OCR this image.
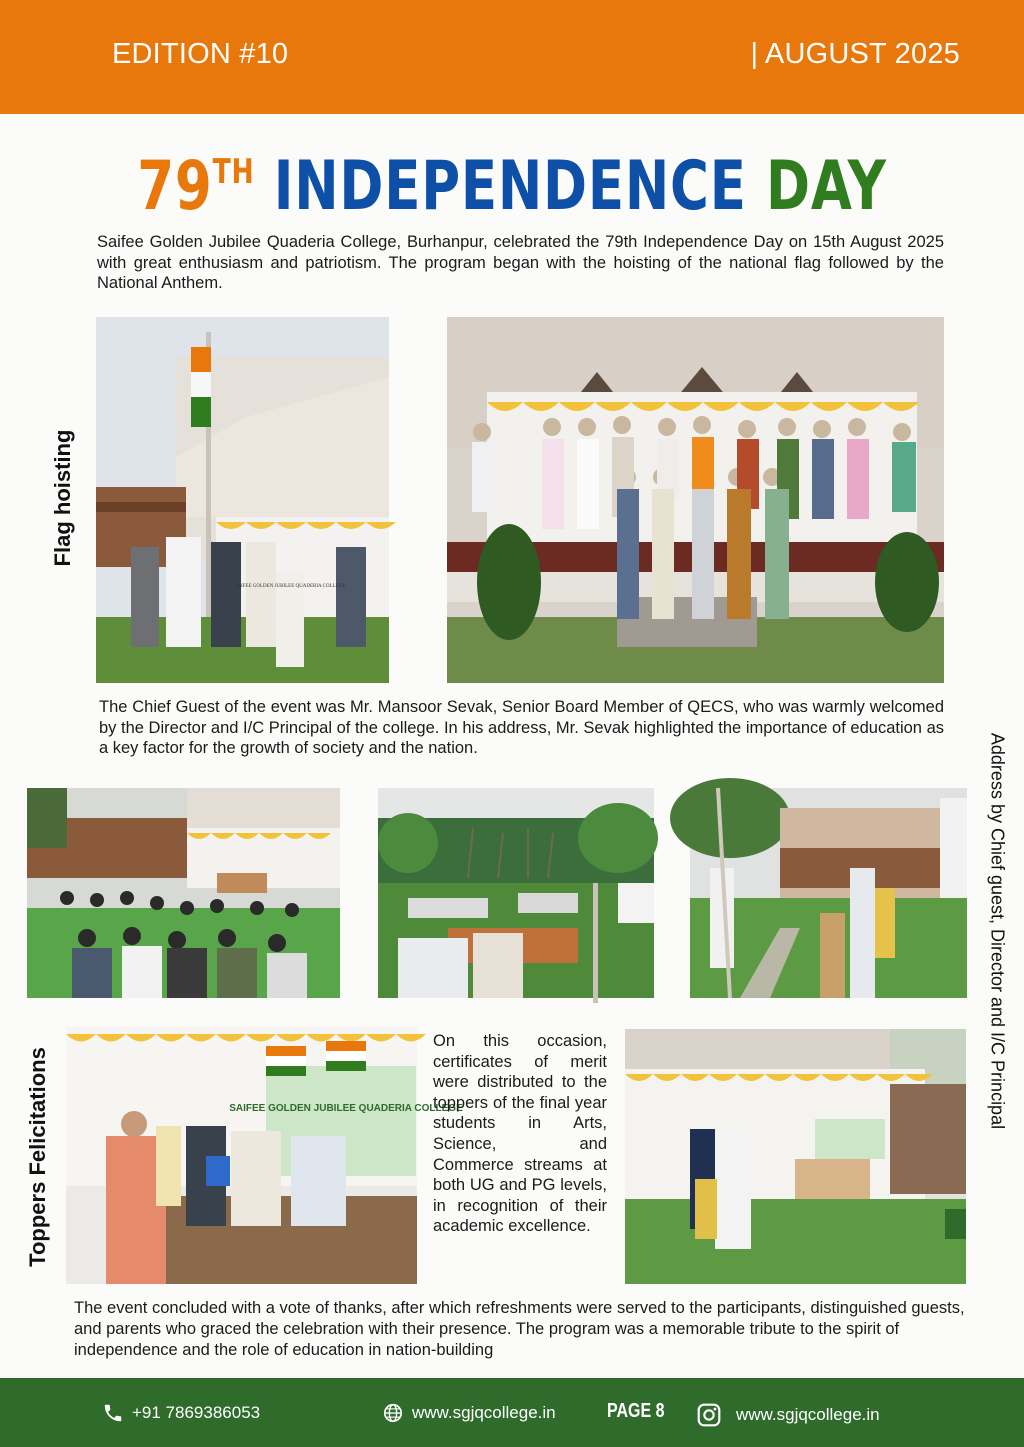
EDITION #10	| AUGUST 2025
79TH INDEPENDENCE DAY
Saifee Golden Jubilee Quaderia College, Burhanpur, celebrated the 79th Independence Day on 15th August 2025 with great enthusiasm and patriotism. The program began with the hoisting of the national flag followed by the National Anthem.
Flag hoisting
SAIFEE GOLDEN JUBILEE QUADERIA COLLEGE
The Chief Guest of the event was Mr. Mansoor Sevak, Senior Board Member of QECS, who was warmly welcomed by the Director and I/C Principal of the college. In his address, Mr. Sevak highlighted the importance of education as a key factor for the growth of society and the nation.	Address by Chief guest, Director and I/C Principal
Toppers Felicitations	SAIFEE GOLDEN JUBILEE QUADERIA COLLEGE
On this occasion, certificates of merit were distributed to the toppers of the final year students in Arts, Science, and Commerce streams at both UG and PG levels, in recognition of their academic excellence.
The event concluded with a vote of thanks, after which refreshments were served to the participants, distinguished guests, and parents who graced the celebration with their presence. The program was a memorable tribute to the spirit of independence and the role of education in nation-building
+91 7869386053	www.sgjqcollege.in	PAGE 8	www.sgjqcollege.in
